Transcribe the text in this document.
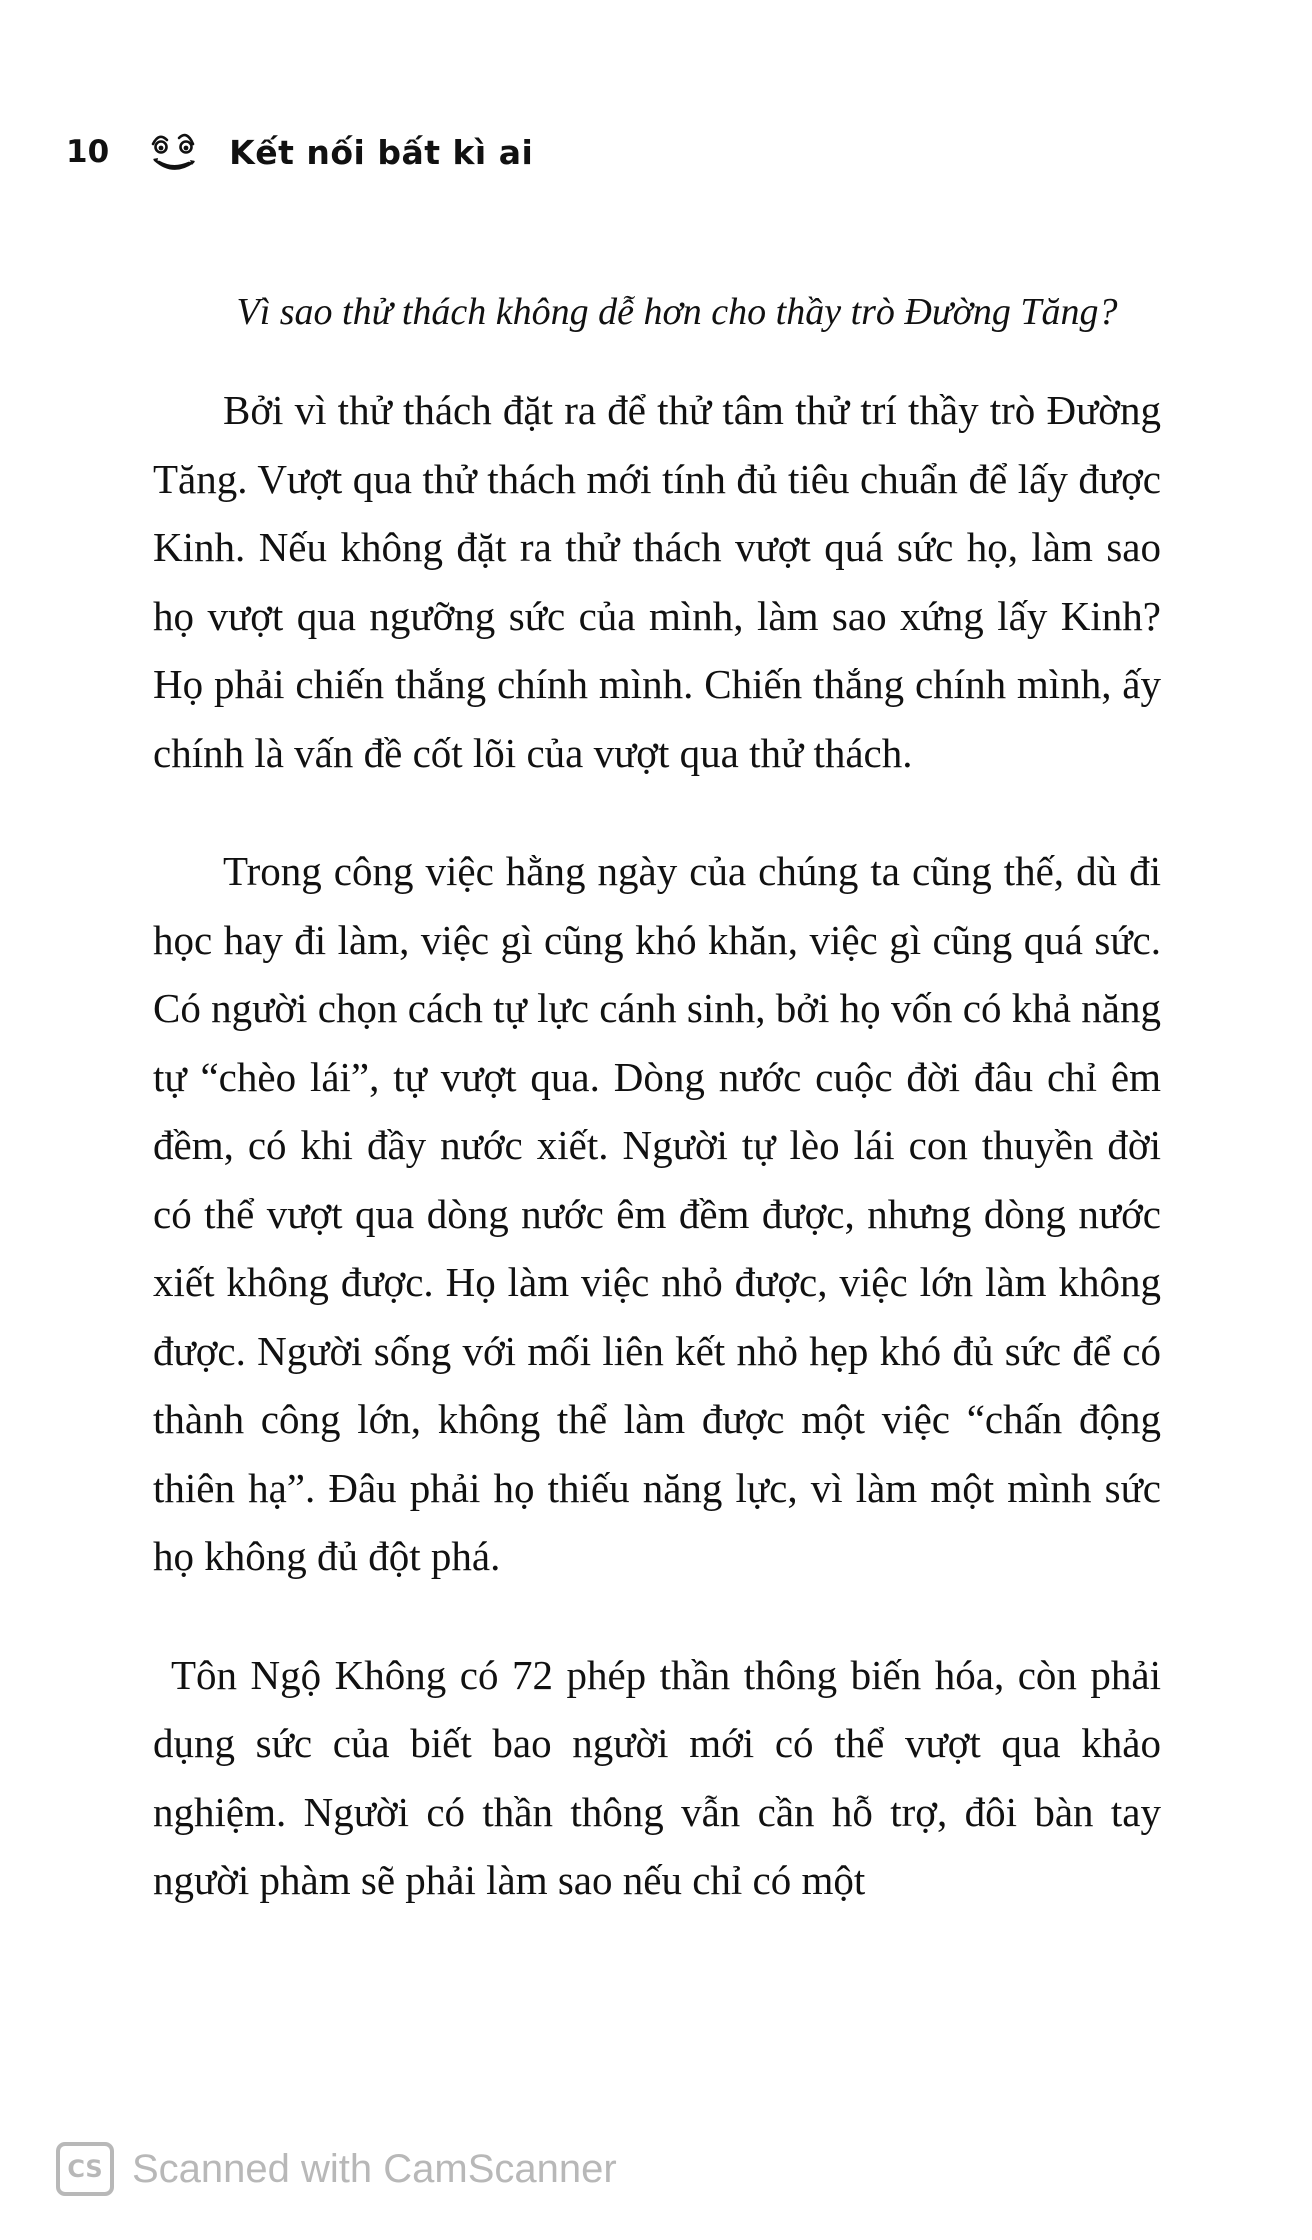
10	Kết nối bất kì ai

Vì sao thử thách không dễ hơn cho thầy trò Đường Tăng?

Bởi vì thử thách đặt ra để thử tâm thử trí thầy trò Đường Tăng. Vượt qua thử thách mới tính đủ tiêu chuẩn để lấy được Kinh. Nếu không đặt ra thử thách vượt quá sức họ, làm sao họ vượt qua ngưỡng sức của mình, làm sao xứng lấy Kinh? Họ phải chiến thắng chính mình. Chiến thắng chính mình, ấy chính là vấn đề cốt lõi của vượt qua thử thách.

Trong công việc hằng ngày của chúng ta cũng thế, dù đi học hay đi làm, việc gì cũng khó khăn, việc gì cũng quá sức. Có người chọn cách tự lực cánh sinh, bởi họ vốn có khả năng tự “chèo lái”, tự vượt qua. Dòng nước cuộc đời đâu chỉ êm đềm, có khi đầy nước xiết. Người tự lèo lái con thuyền đời có thể vượt qua dòng nước êm đềm được, nhưng dòng nước xiết không được. Họ làm việc nhỏ được, việc lớn làm không được. Người sống với mối liên kết nhỏ hẹp khó đủ sức để có thành công lớn, không thể làm được một việc “chấn động thiên hạ”. Đâu phải họ thiếu năng lực, vì làm một mình sức họ không đủ đột phá.

Tôn Ngộ Không có 72 phép thần thông biến hóa, còn phải dụng sức của biết bao người mới có thể vượt qua khảo nghiệm. Người có thần thông vẫn cần hỗ trợ, đôi bàn tay người phàm sẽ phải làm sao nếu chỉ có một

CS Scanned with CamScanner
